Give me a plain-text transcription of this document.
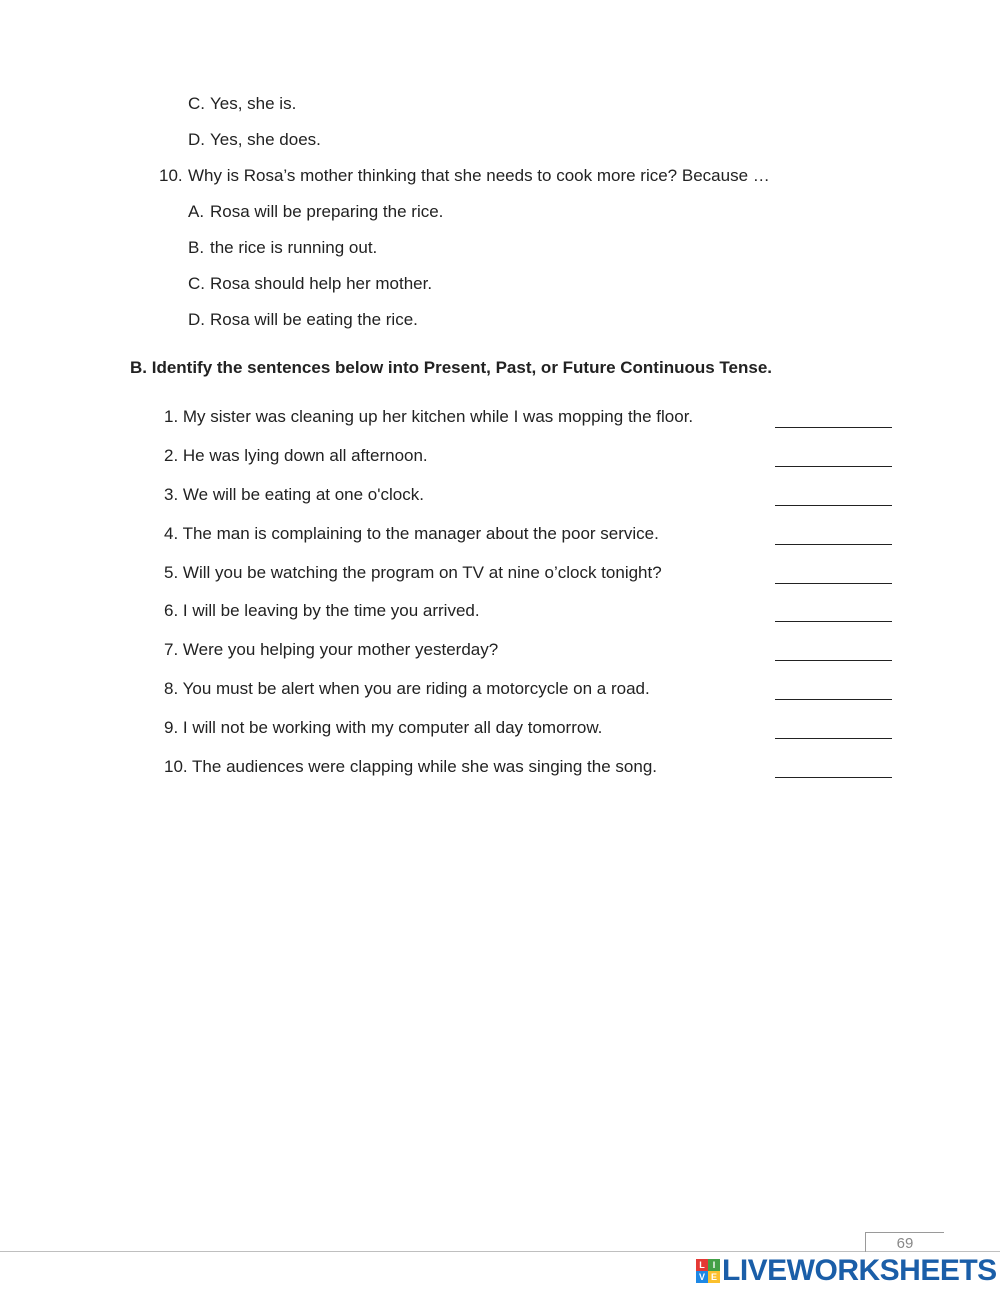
C. Yes, she is.
D. Yes, she does.
10. Why is Rosa’s mother thinking that she needs to cook more rice? Because …
A. Rosa will be preparing the rice.
B. the rice is running out.
C. Rosa should help her mother.
D. Rosa will be eating the rice.
B. Identify the sentences below into Present, Past, or Future Continuous Tense.
1. My sister was cleaning up her kitchen while I was mopping the floor.
2. He was lying down all afternoon.
3. We will be eating at one o'clock.
4. The man is complaining to the manager about the poor service.
5. Will you be watching the program on TV at nine o’clock tonight?
6. I will be leaving by the time you arrived.
7. Were you helping your mother yesterday?
8. You must be alert when you are riding a motorcycle on a road.
9. I will not be working with my computer all day tomorrow.
10. The audiences were clapping while she was singing the song.
69
L I
V E LIVEWORKSHEETS
